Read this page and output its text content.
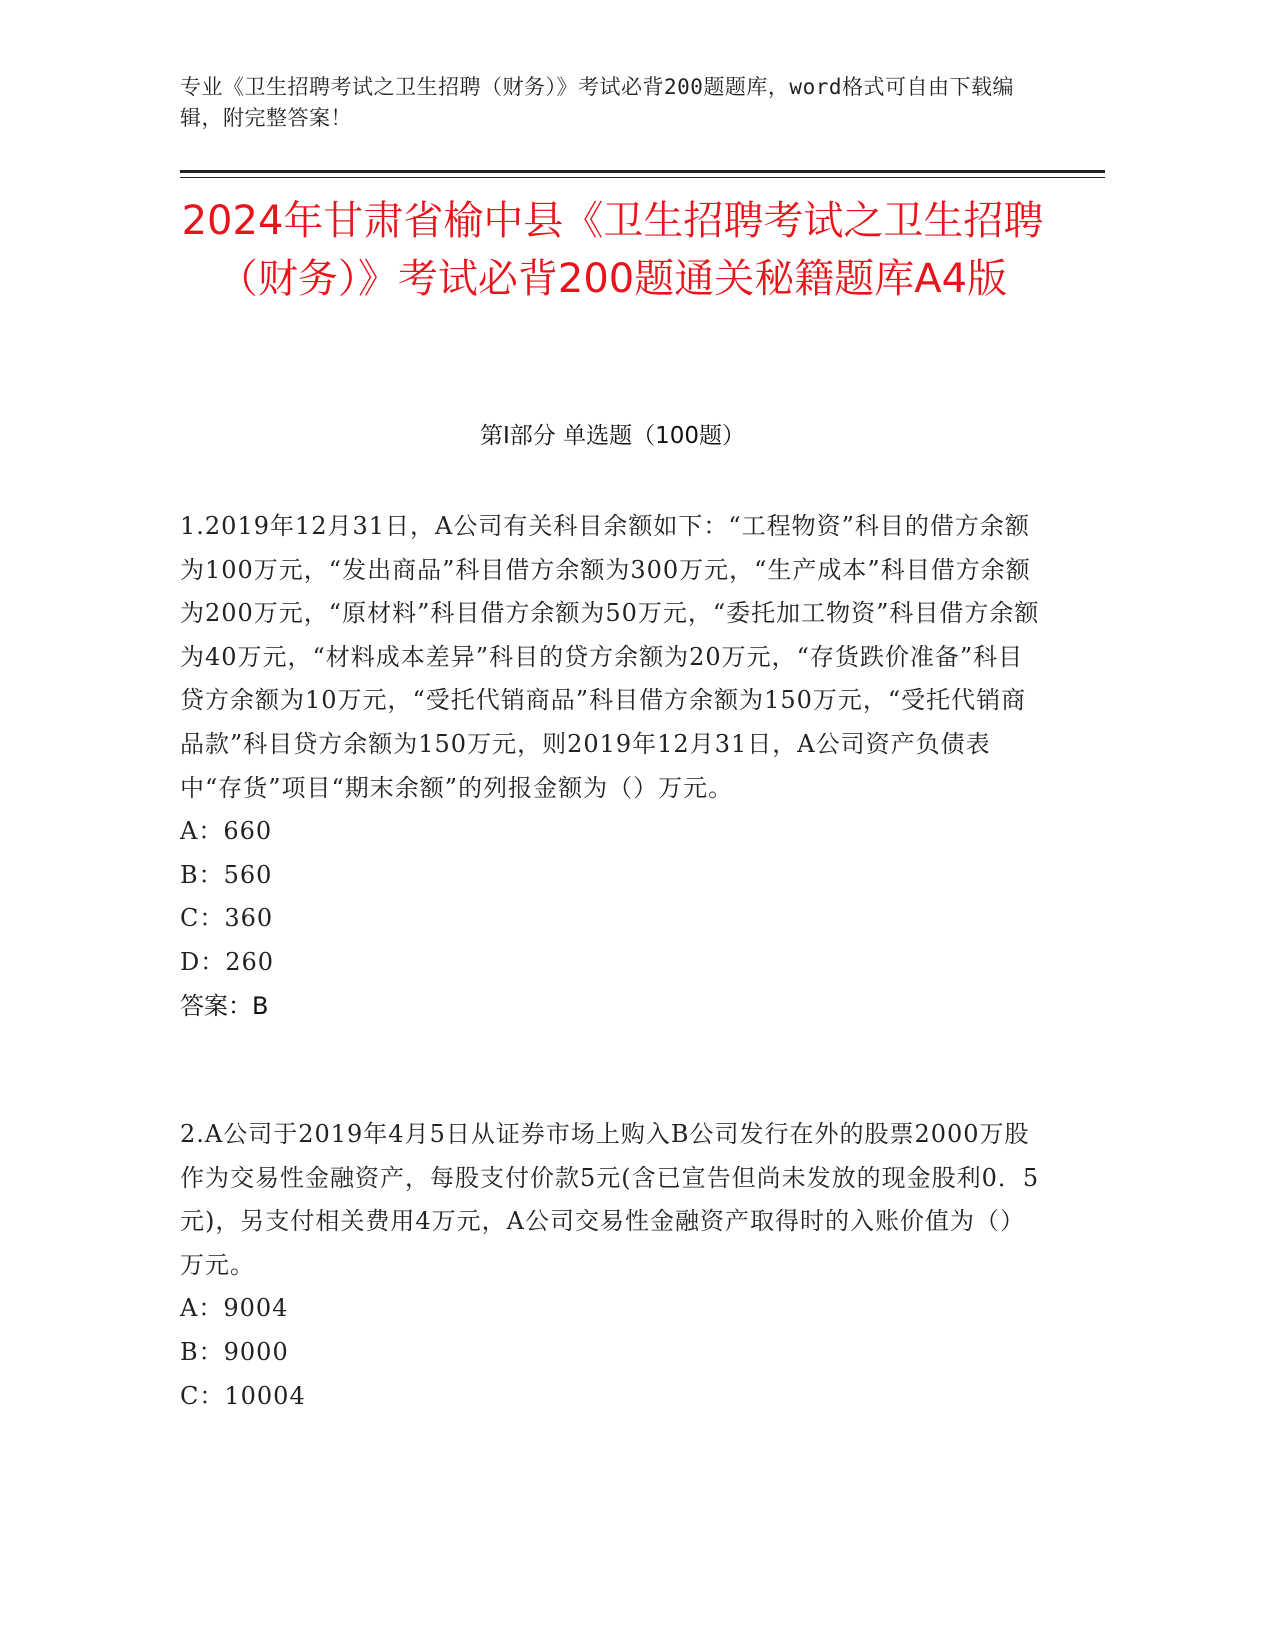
专业《卫生招聘考试之卫生招聘（财务）》考试必背200题题库，word格式可自由下载编辑，附完整答案！
2024年甘肃省榆中县《卫生招聘考试之卫生招聘（财务）》考试必背200题通关秘籍题库A4版
第Ⅰ部分 单选题（100题）

1.2019年12月31日，A公司有关科目余额如下：“工程物资”科目的借方余额为100万元，“发出商品”科目借方余额为300万元，“生产成本”科目借方余额为200万元，“原材料”科目借方余额为50万元，“委托加工物资”科目借方余额为40万元，“材料成本差异”科目的贷方余额为20万元，“存货跌价准备”科目贷方余额为10万元，“受托代销商品”科目借方余额为150万元，“受托代销商品款”科目贷方余额为150万元，则2019年12月31日，A公司资产负债表中“存货”项目“期末余额”的列报金额为（）万元。

A：660

B：560

C：360

D：260

答案：B

2.A公司于2019年4月5日从证券市场上购入B公司发行在外的股票2000万股作为交易性金融资产，每股支付价款5元(含已宣告但尚未发放的现金股利0．5元)，另支付相关费用4万元，A公司交易性金融资产取得时的入账价值为（）万元。

A：9004

B：9000

C：10004
